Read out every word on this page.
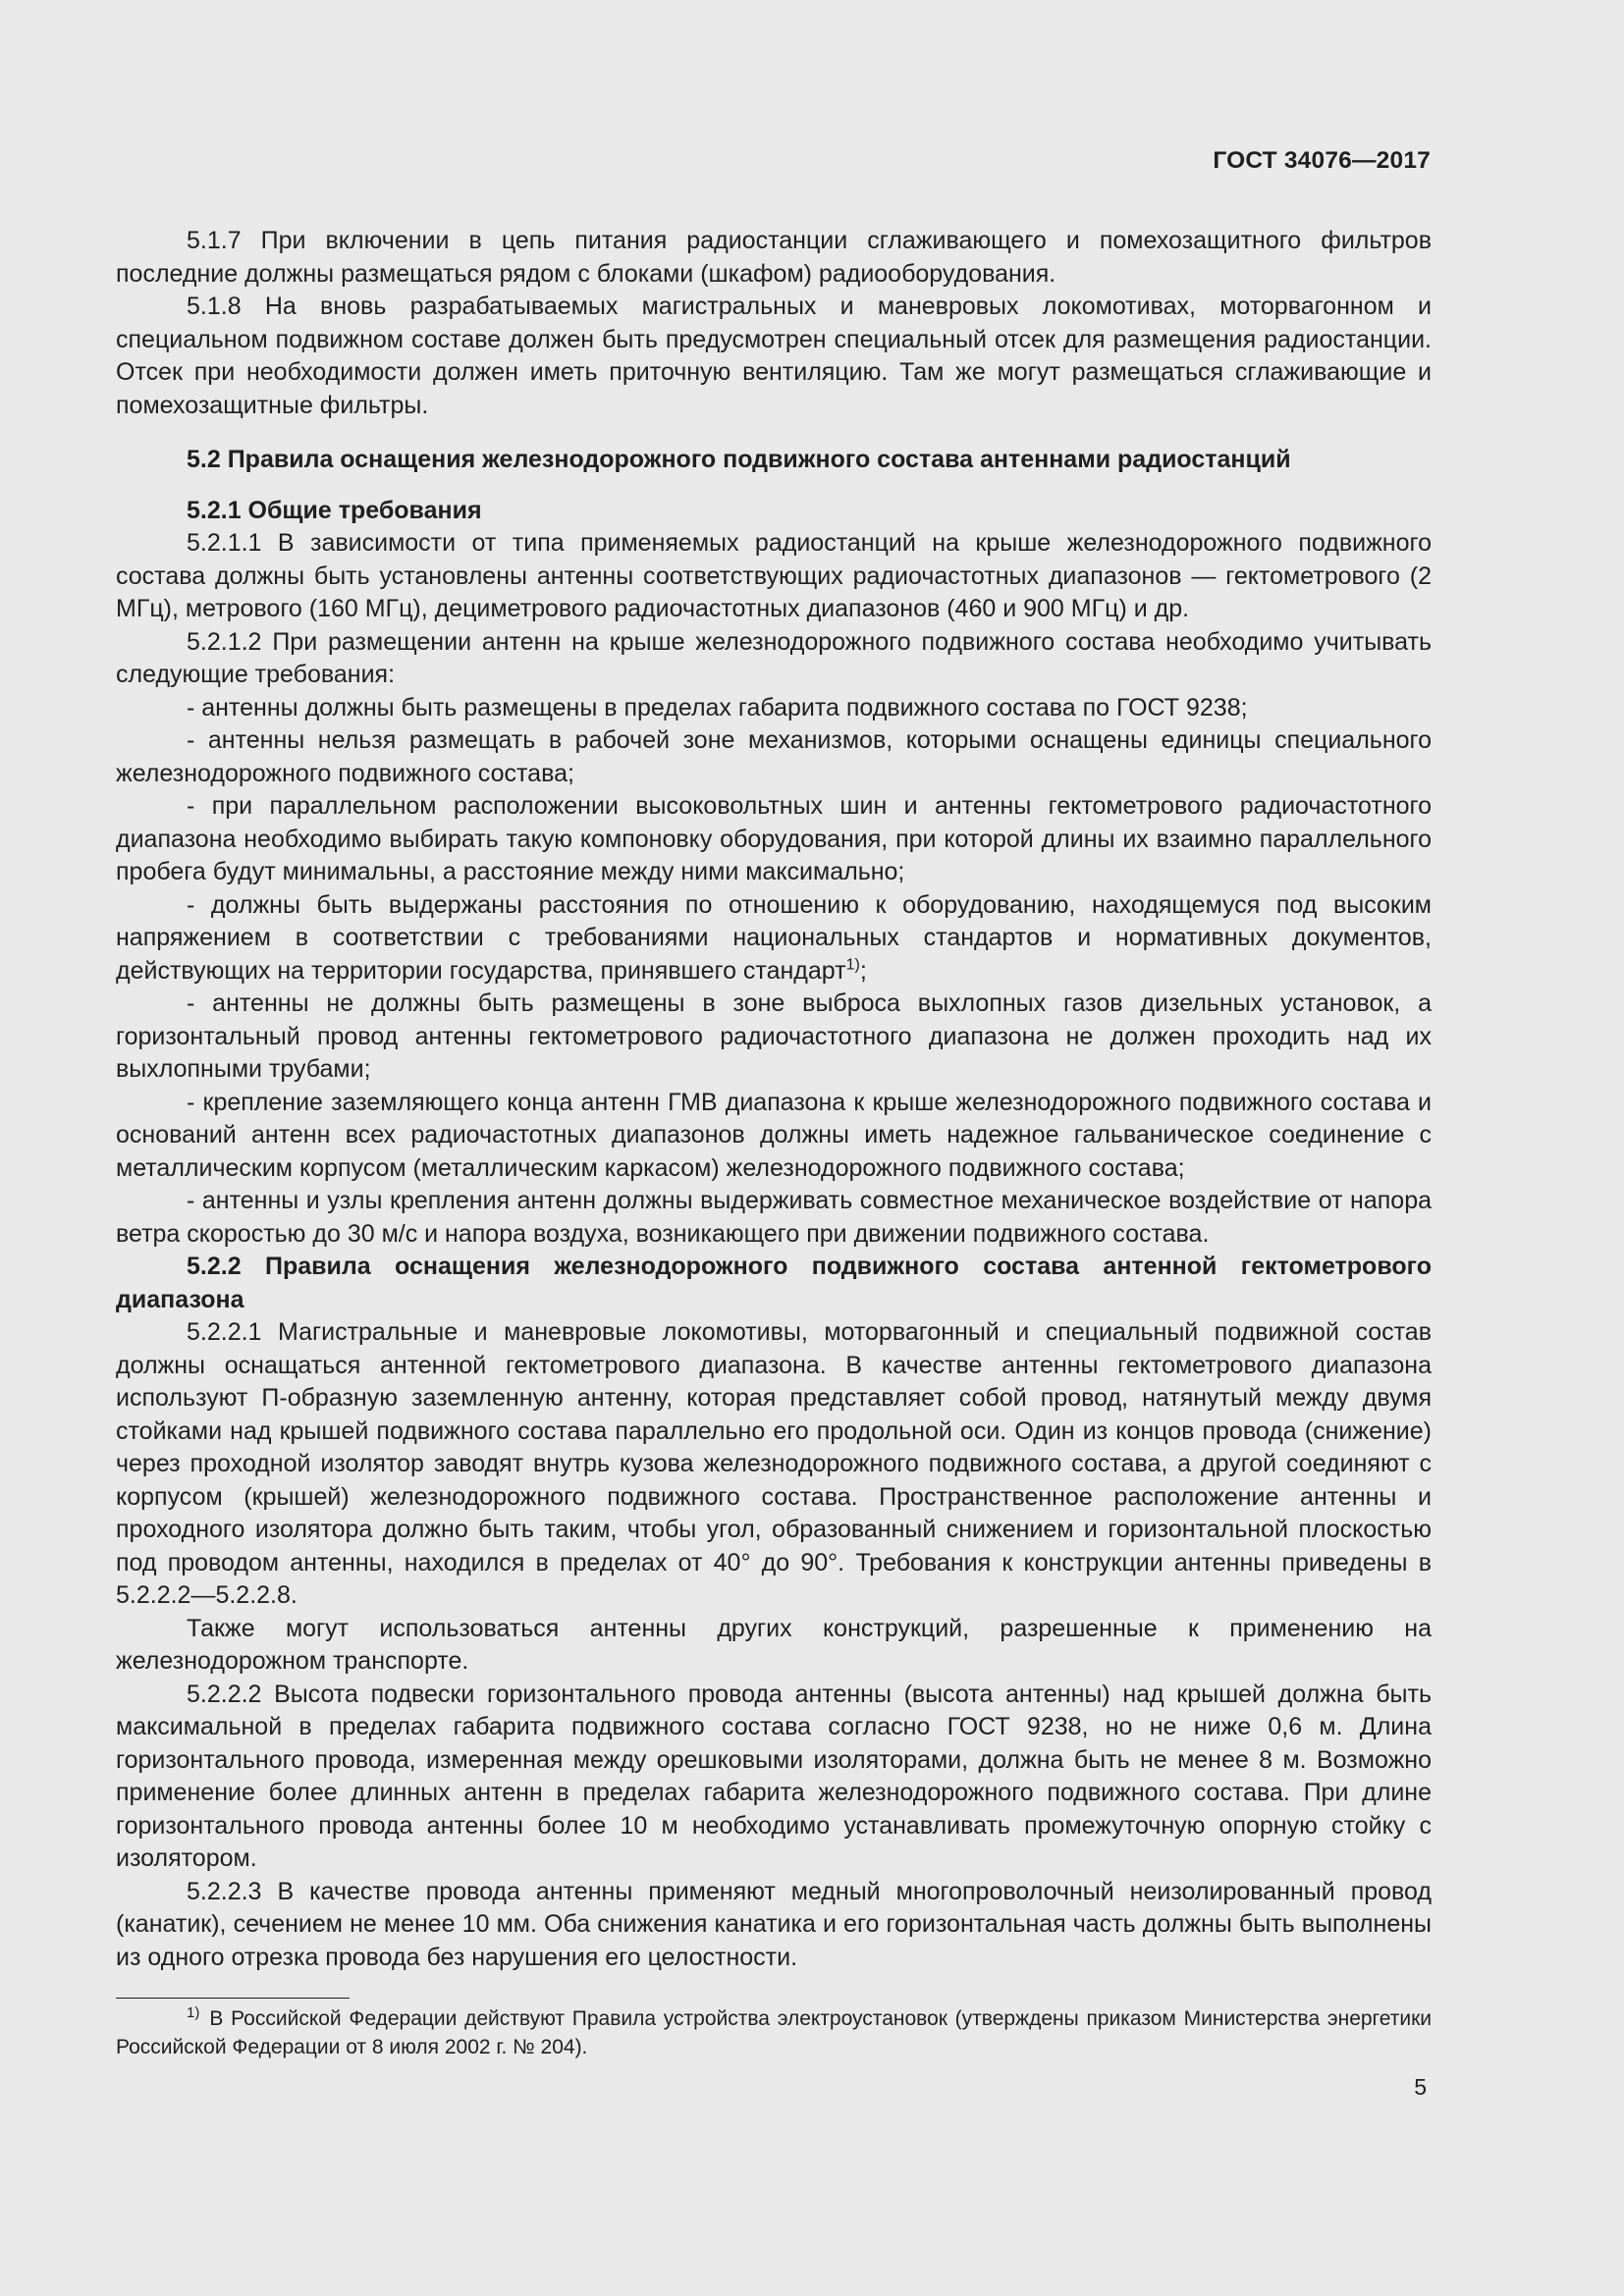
ГОСТ 34076—2017

5.1.7 При включении в цепь питания радиостанции сглаживающего и помехозащитного фильтров последние должны размещаться рядом с блоками (шкафом) радиооборудования.

5.1.8 На вновь разрабатываемых магистральных и маневровых локомотивах, моторвагонном и специальном подвижном составе должен быть предусмотрен специальный отсек для размещения радиостанции. Отсек при необходимости должен иметь приточную вентиляцию. Там же могут размещаться сглаживающие и помехозащитные фильтры.

5.2 Правила оснащения железнодорожного подвижного состава антеннами радиостанций

5.2.1 Общие требования

5.2.1.1 В зависимости от типа применяемых радиостанций на крыше железнодорожного подвижного состава должны быть установлены антенны соответствующих радиочастотных диапазонов — гектометрового (2 МГц), метрового (160 МГц), дециметрового радиочастотных диапазонов (460 и 900 МГц) и др.

5.2.1.2 При размещении антенн на крыше железнодорожного подвижного состава необходимо учитывать следующие требования:

- антенны должны быть размещены в пределах габарита подвижного состава по ГОСТ 9238;

- антенны нельзя размещать в рабочей зоне механизмов, которыми оснащены единицы специального железнодорожного подвижного состава;

- при параллельном расположении высоковольтных шин и антенны гектометрового радиочастотного диапазона необходимо выбирать такую компоновку оборудования, при которой длины их взаимно параллельного пробега будут минимальны, а расстояние между ними максимально;

- должны быть выдержаны расстояния по отношению к оборудованию, находящемуся под высоким напряжением в соответствии с требованиями национальных стандартов и нормативных документов, действующих на территории государства, принявшего стандарт$^{1)}$;

- антенны не должны быть размещены в зоне выброса выхлопных газов дизельных установок, а горизонтальный провод антенны гектометрового радиочастотного диапазона не должен проходить над их выхлопными трубами;

- крепление заземляющего конца антенн ГМВ диапазона к крыше железнодорожного подвижного состава и оснований антенн всех радиочастотных диапазонов должны иметь надежное гальваническое соединение с металлическим корпусом (металлическим каркасом) железнодорожного подвижного состава;

- антенны и узлы крепления антенн должны выдерживать совместное механическое воздействие от напора ветра скоростью до 30 м/с и напора воздуха, возникающего при движении подвижного состава.

5.2.2 Правила оснащения железнодорожного подвижного состава антенной гектометрового диапазона

5.2.2.1 Магистральные и маневровые локомотивы, моторвагонный и специальный подвижной состав должны оснащаться антенной гектометрового диапазона. В качестве антенны гектометрового диапазона используют П-образную заземленную антенну, которая представляет собой провод, натянутый между двумя стойками над крышей подвижного состава параллельно его продольной оси. Один из концов провода (снижение) через проходной изолятор заводят внутрь кузова железнодорожного подвижного состава, а другой соединяют с корпусом (крышей) железнодорожного подвижного состава. Пространственное расположение антенны и проходного изолятора должно быть таким, чтобы угол, образованный снижением и горизонтальной плоскостью под проводом антенны, находился в пределах от 40° до 90°. Требования к конструкции антенны приведены в 5.2.2.2—5.2.2.8.

Также могут использоваться антенны других конструкций, разрешенные к применению на железнодорожном транспорте.

5.2.2.2 Высота подвески горизонтального провода антенны (высота антенны) над крышей должна быть максимальной в пределах габарита подвижного состава согласно ГОСТ 9238, но не ниже 0,6 м. Длина горизонтального провода, измеренная между орешковыми изоляторами, должна быть не менее 8 м. Возможно применение более длинных антенн в пределах габарита железнодорожного подвижного состава. При длине горизонтального провода антенны более 10 м необходимо устанавливать промежуточную опорную стойку с изолятором.

5.2.2.3 В качестве провода антенны применяют медный многопроволочный неизолированный провод (канатик), сечением не менее 10 мм. Оба снижения канатика и его горизонтальная часть должны быть выполнены из одного отрезка провода без нарушения его целостности.

$^{1)}$ В Российской Федерации действуют Правила устройства электроустановок (утверждены приказом Министерства энергетики Российской Федерации от 8 июля 2002 г. № 204).

5
